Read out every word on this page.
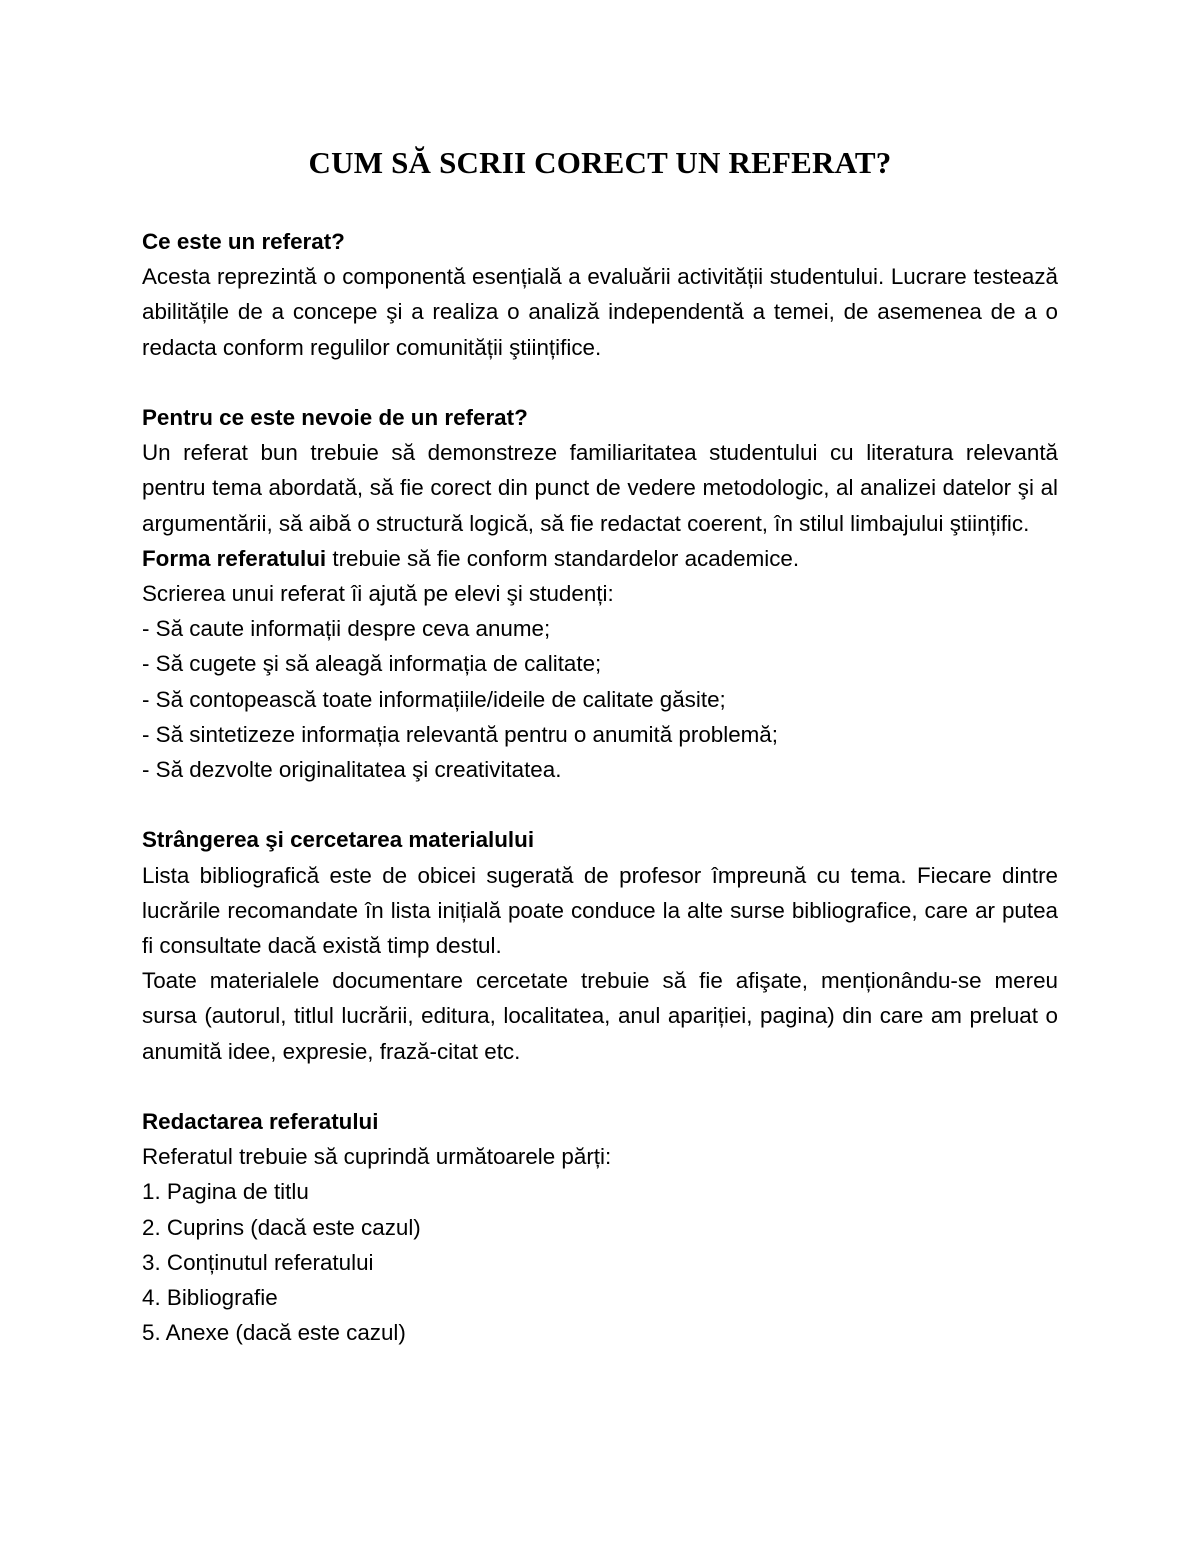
CUM SĂ SCRII CORECT UN REFERAT?

Ce este un referat?

Acesta reprezintă o componentă esențială a evaluării activității studentului. Lucrare testează abilitățile de a concepe şi a realiza o analiză independentă a temei, de asemenea de a o redacta conform regulilor comunității ştiințifice.

Pentru ce este nevoie de un referat?

Un referat bun trebuie să demonstreze familiaritatea studentului cu literatura relevantă pentru tema abordată, să fie corect din punct de vedere metodologic, al analizei datelor şi al argumentării, să aibă o structură logică, să fie redactat coerent, în stilul limbajului ştiințific.

Forma referatului trebuie să fie conform standardelor academice.

Scrierea unui referat îi ajută pe elevi şi studenți:

- Să caute informații despre ceva anume;

- Să cugete şi să aleagă informația de calitate;

- Să contopească toate informațiile/ideile de calitate găsite;

- Să sintetizeze informația relevantă pentru o anumită problemă;

- Să dezvolte originalitatea şi creativitatea.

Strângerea şi cercetarea materialului

Lista bibliografică este de obicei sugerată de profesor împreună cu tema. Fiecare dintre lucrările recomandate în lista inițială poate conduce la alte surse bibliografice, care ar putea fi consultate dacă există timp destul.

Toate materialele documentare cercetate trebuie să fie afişate, menționându-se mereu sursa (autorul, titlul lucrării, editura, localitatea, anul apariției, pagina) din care am preluat o anumită idee, expresie, frază-citat etc.

Redactarea referatului

Referatul trebuie să cuprindă următoarele părți:

1. Pagina de titlu

2. Cuprins (dacă este cazul)

3. Conținutul referatului

4. Bibliografie

5. Anexe (dacă este cazul)
